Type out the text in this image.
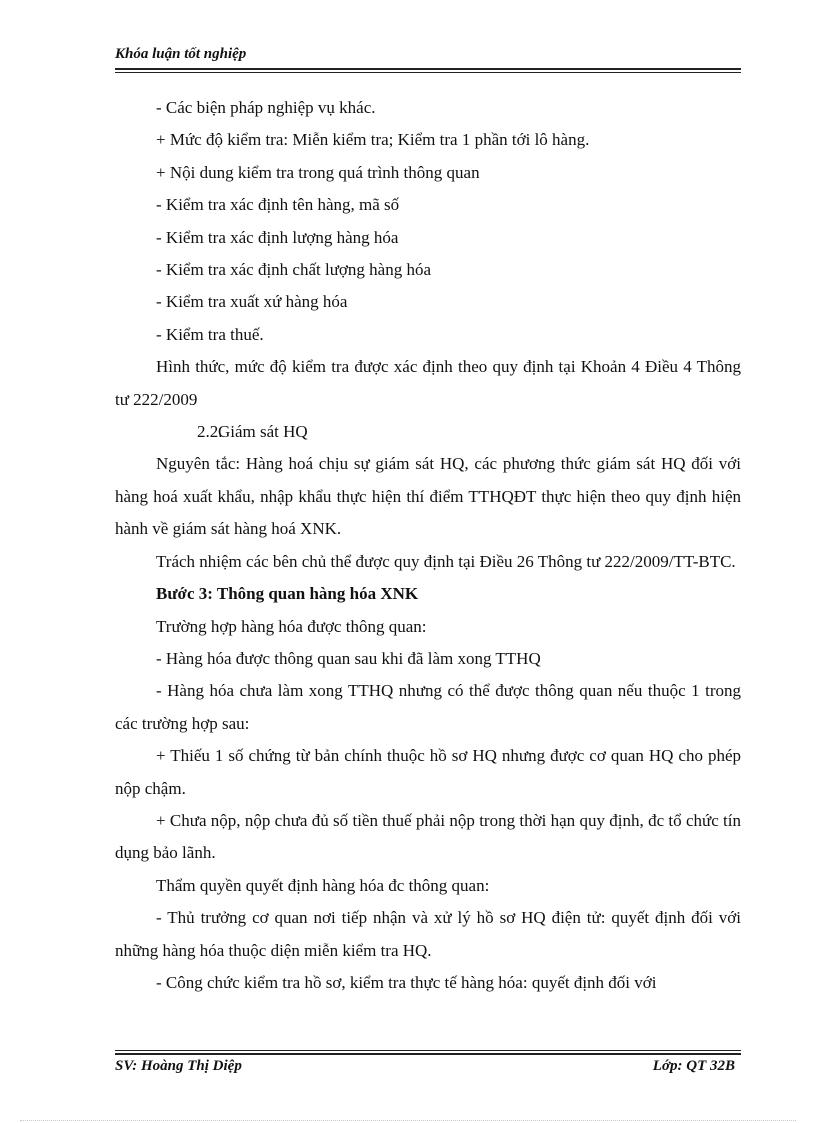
Khóa luận tốt nghiệp

- Các biện pháp nghiệp vụ khác.

+ Mức độ kiểm tra: Miễn kiểm tra; Kiểm tra 1 phần tới lô hàng.

+ Nội dung kiểm tra trong quá trình thông quan

- Kiểm tra xác định tên hàng, mã số

- Kiểm tra xác định lượng hàng hóa

- Kiểm tra xác định chất lượng hàng hóa

- Kiểm tra xuất xứ hàng hóa

- Kiểm tra thuế.

Hình thức, mức độ kiểm tra được xác định theo quy định tại Khoản 4 Điều 4 Thông tư 222/2009

2.2.Giám sát HQ

Nguyên tắc: Hàng hoá chịu sự giám sát HQ, các phương thức giám sát HQ đối với hàng hoá xuất khẩu, nhập khẩu thực hiện thí điểm TTHQĐT thực hiện theo quy định hiện hành về giám sát hàng hoá XNK.

Trách nhiệm các bên chủ thể được quy định tại Điều 26 Thông tư 222/2009/TT-BTC.

Bước 3: Thông quan hàng hóa XNK

Trường hợp hàng hóa được thông quan:

- Hàng hóa được thông quan sau khi đã làm xong TTHQ

- Hàng hóa chưa làm xong TTHQ nhưng có thể được thông quan nếu thuộc 1 trong các trường hợp sau:

+ Thiếu 1 số chứng từ bản chính thuộc hồ sơ HQ nhưng được cơ quan HQ cho phép nộp chậm.

+ Chưa nộp, nộp chưa đủ số tiền thuế phải nộp trong thời hạn quy định, đc tổ chức tín dụng bảo lãnh.

Thẩm quyền quyết định hàng hóa đc thông quan:

- Thủ trưởng cơ quan nơi tiếp nhận và xử lý hồ sơ HQ điện tử: quyết định đối với những hàng hóa thuộc diện miễn kiểm tra HQ.

- Công chức kiểm tra hồ sơ, kiểm tra thực tế hàng hóa: quyết định đối với

SV: Hoàng Thị Diệp	Lớp: QT 32B
